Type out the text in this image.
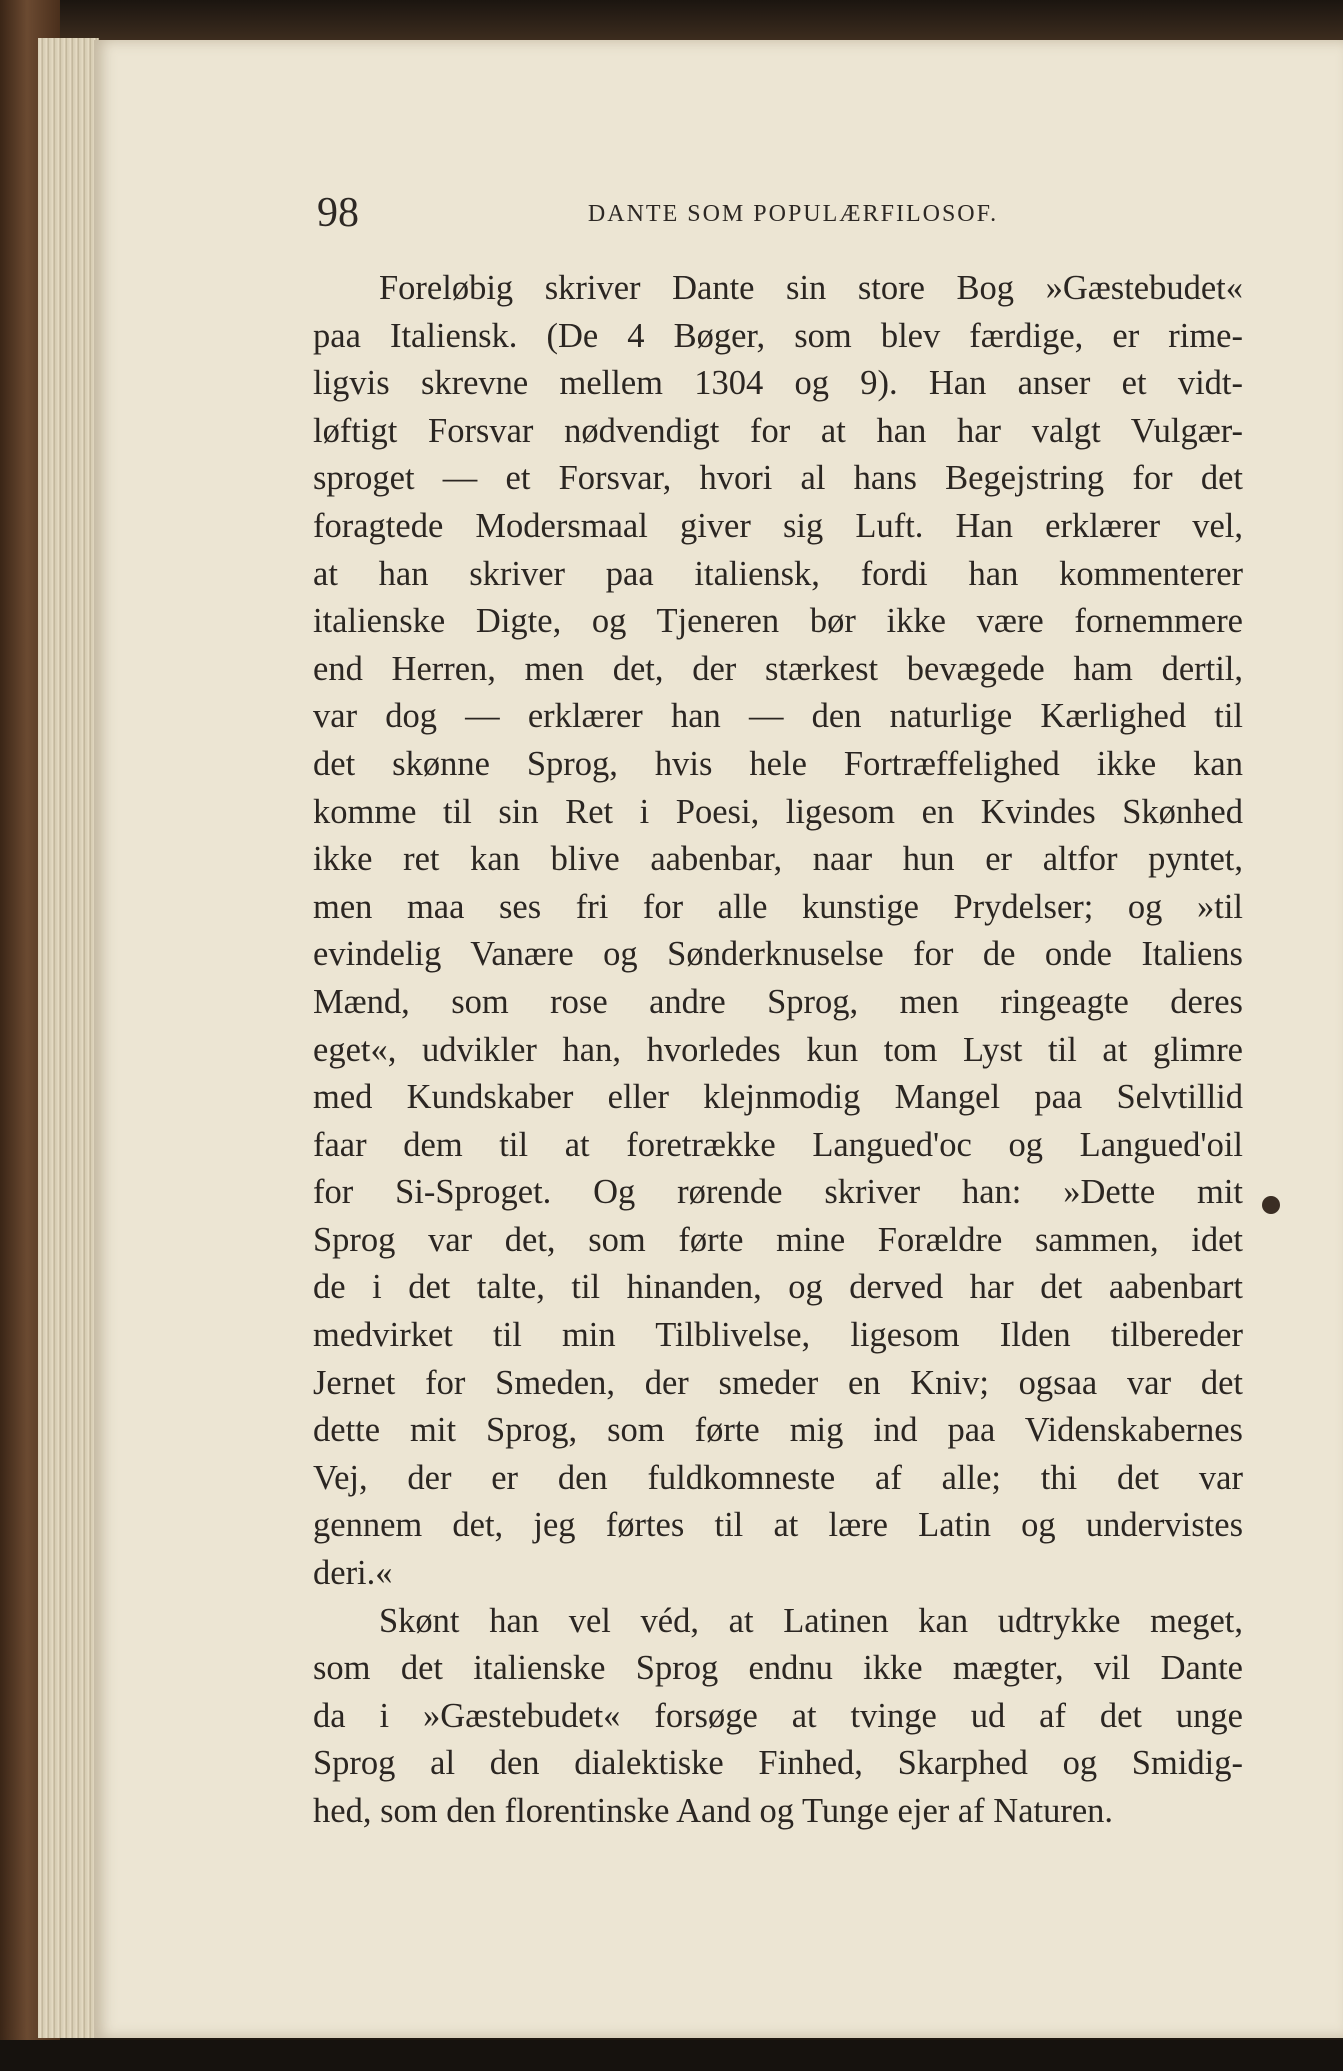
98	DANTE SOM POPULÆRFILOSOF.
Foreløbig skriver Dante sin store Bog »Gæstebudet«
paa Italiensk. (De 4 Bøger, som blev færdige, er rime-
ligvis skrevne mellem 1304 og 9). Han anser et vidt-
løftigt Forsvar nødvendigt for at han har valgt Vulgær-
sproget — et Forsvar, hvori al hans Begejstring for det
foragtede Modersmaal giver sig Luft. Han erklærer vel,
at han skriver paa italiensk, fordi han kommenterer
italienske Digte, og Tjeneren bør ikke være fornemmere
end Herren, men det, der stærkest bevægede ham dertil,
var dog — erklærer han — den naturlige Kærlighed til
det skønne Sprog, hvis hele Fortræffelighed ikke kan
komme til sin Ret i Poesi, ligesom en Kvindes Skønhed
ikke ret kan blive aabenbar, naar hun er altfor pyntet,
men maa ses fri for alle kunstige Prydelser; og »til
evindelig Vanære og Sønderknuselse for de onde Italiens
Mænd, som rose andre Sprog, men ringeagte deres
eget«, udvikler han, hvorledes kun tom Lyst til at glimre
med Kundskaber eller klejnmodig Mangel paa Selvtillid
faar dem til at foretrække Langued'oc og Langued'oil
for Si-Sproget. Og rørende skriver han: »Dette mit
Sprog var det, som førte mine Forældre sammen, idet
de i det talte, til hinanden, og derved har det aabenbart
medvirket til min Tilblivelse, ligesom Ilden tilbereder
Jernet for Smeden, der smeder en Kniv; ogsaa var det
dette mit Sprog, som førte mig ind paa Videnskabernes
Vej, der er den fuldkomneste af alle; thi det var
gennem det, jeg førtes til at lære Latin og undervistes
deri.«
Skønt han vel véd, at Latinen kan udtrykke meget,
som det italienske Sprog endnu ikke mægter, vil Dante
da i »Gæstebudet« forsøge at tvinge ud af det unge
Sprog al den dialektiske Finhed, Skarphed og Smidig-
hed, som den florentinske Aand og Tunge ejer af Naturen.
